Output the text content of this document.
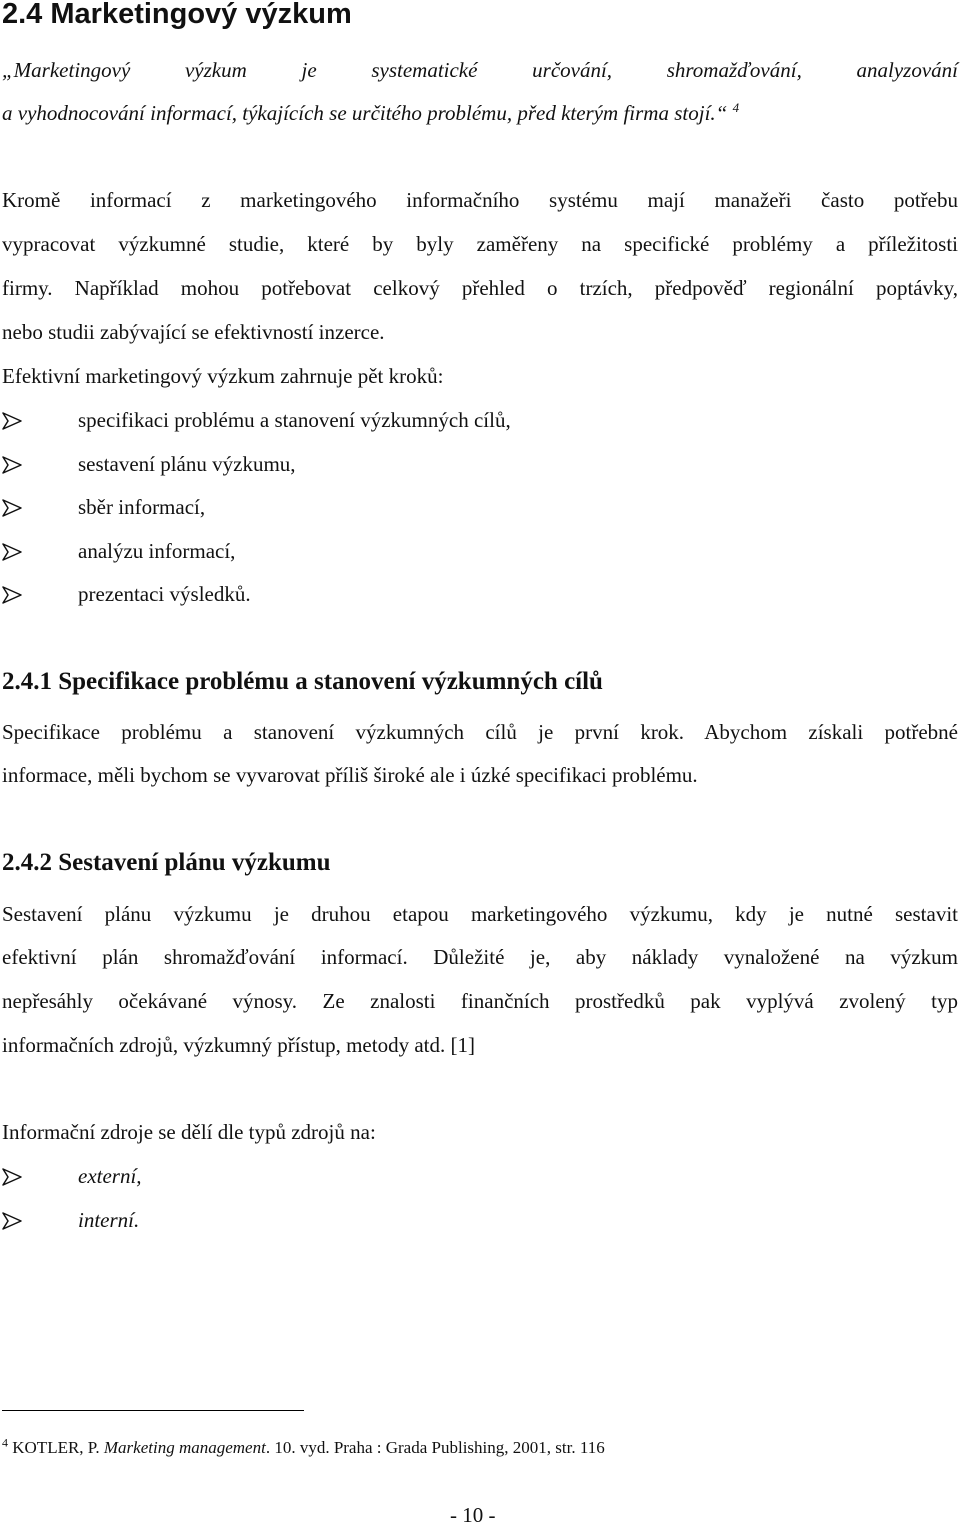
2.4 Marketingový výzkum
„Marketingový výzkum je systematické určování, shromažďování, analyzování
a vyhodnocování informací, týkajících se určitého problému, před kterým firma stojí.“ $^4$
Kromě informací z marketingového informačního systému mají manažeři často potřebu
vypracovat výzkumné studie, které by byly zaměřeny na specifické problémy a příležitosti
firmy. Například mohou potřebovat celkový přehled o trzích, předpověď regionální poptávky,
nebo studii zabývající se efektivností inzerce.
Efektivní marketingový výzkum zahrnuje pět kroků:
specifikaci problému a stanovení výzkumných cílů,
sestavení plánu výzkumu,
sběr informací,
analýzu informací,
prezentaci výsledků.
2.4.1 Specifikace problému a stanovení výzkumných cílů
Specifikace problému a stanovení výzkumných cílů je první krok. Abychom získali potřebné
informace, měli bychom se vyvarovat příliš široké ale i úzké specifikaci problému.
2.4.2 Sestavení plánu výzkumu
Sestavení plánu výzkumu je druhou etapou marketingového výzkumu, kdy je nutné sestavit
efektivní plán shromažďování informací. Důležité je, aby náklady vynaložené na výzkum
nepřesáhly očekávané výnosy. Ze znalosti finančních prostředků pak vyplývá zvolený typ
informačních zdrojů, výzkumný přístup, metody atd. [1]
Informační zdroje se dělí dle typů zdrojů na:
externí,
interní.
$^4$ KOTLER, P. Marketing management. 10. vyd. Praha : Grada Publishing, 2001, str. 116
- 10 -
